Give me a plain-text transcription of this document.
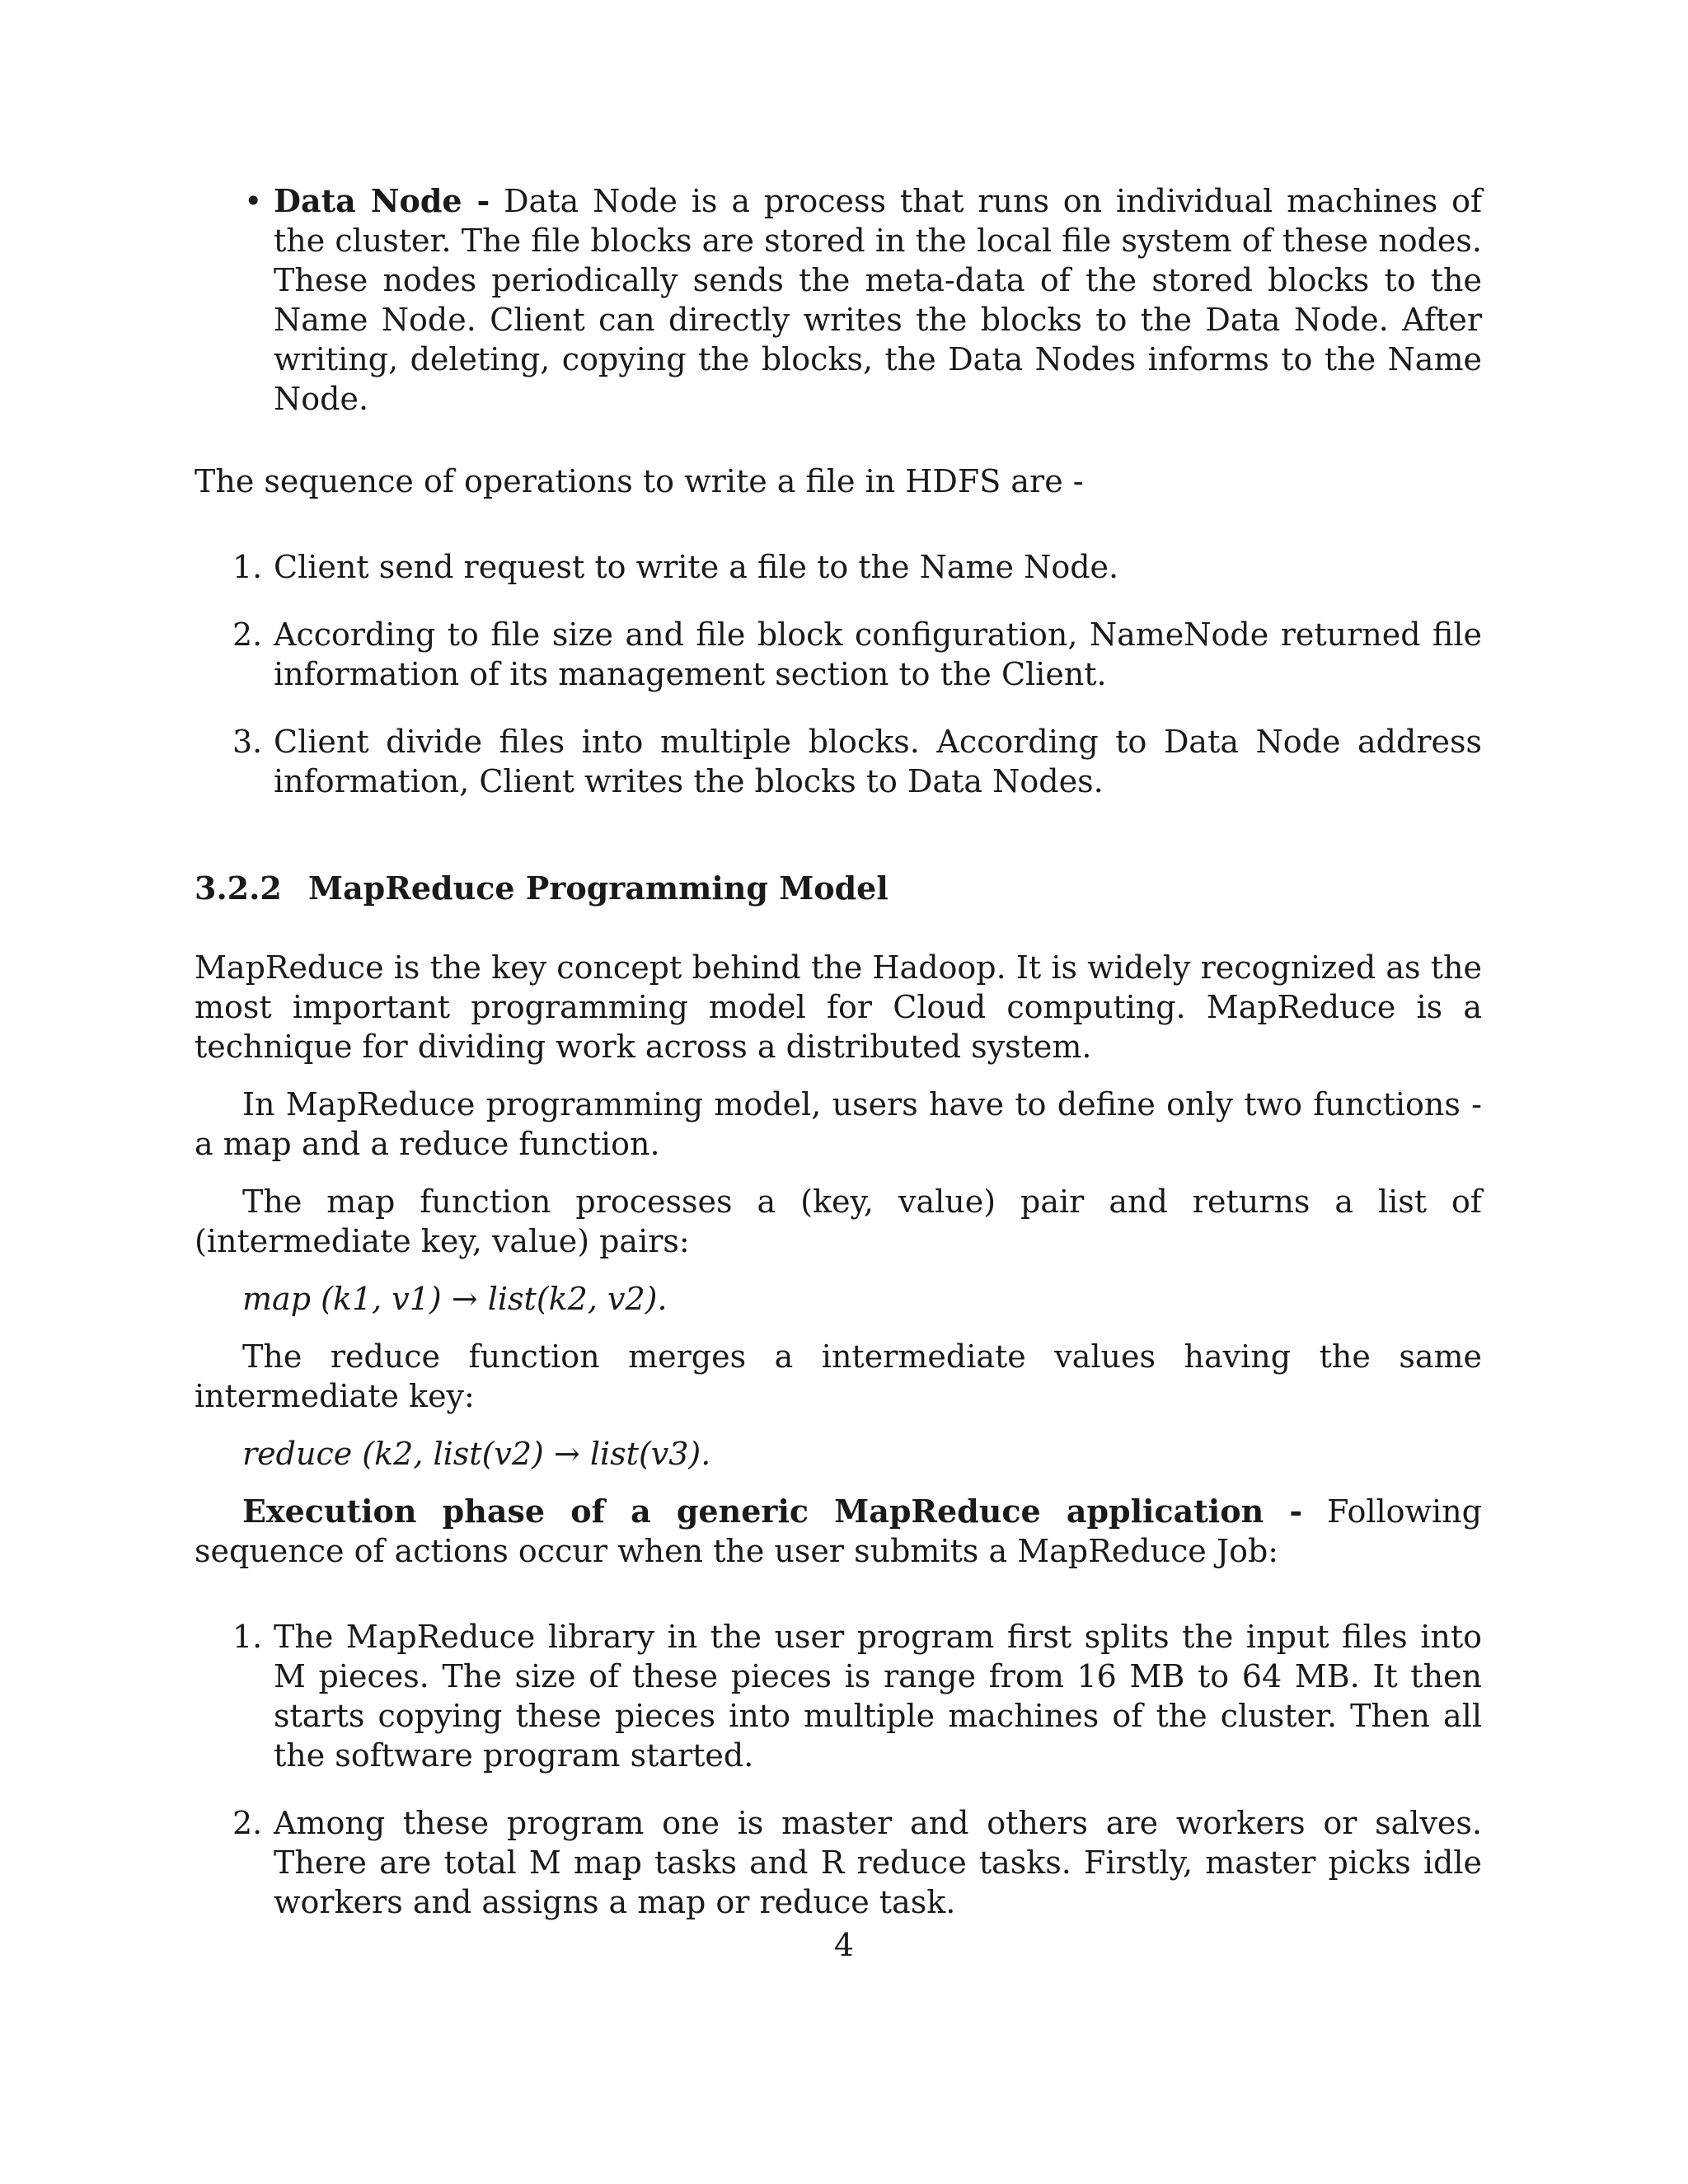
• Data Node - Data Node is a process that runs on individual machines of the cluster. The file blocks are stored in the local file system of these nodes. These nodes periodically sends the meta-data of the stored blocks to the Name Node. Client can directly writes the blocks to the Data Node. After writing, deleting, copying the blocks, the Data Nodes informs to the Name Node.

The sequence of operations to write a file in HDFS are -

1. Client send request to write a file to the Name Node.
2. According to file size and file block configuration, NameNode returned file information of its management section to the Client.
3. Client divide files into multiple blocks. According to Data Node address information, Client writes the blocks to Data Nodes.
3.2.2 MapReduce Programming Model

MapReduce is the key concept behind the Hadoop. It is widely recognized as the most important programming model for Cloud computing. MapReduce is a technique for dividing work across a distributed system.

In MapReduce programming model, users have to define only two functions - a map and a reduce function.

The map function processes a (key, value) pair and returns a list of (intermediate key, value) pairs:

map (k1, v1) → list(k2, v2).

The reduce function merges a intermediate values having the same intermediate key:

reduce (k2, list(v2) → list(v3).

Execution phase of a generic MapReduce application - Following sequence of actions occur when the user submits a MapReduce Job:

1. The MapReduce library in the user program first splits the input files into M pieces. The size of these pieces is range from 16 MB to 64 MB. It then starts copying these pieces into multiple machines of the cluster. Then all the software program started.
2. Among these program one is master and others are workers or salves. There are total M map tasks and R reduce tasks. Firstly, master picks idle workers and assigns a map or reduce task.
4
